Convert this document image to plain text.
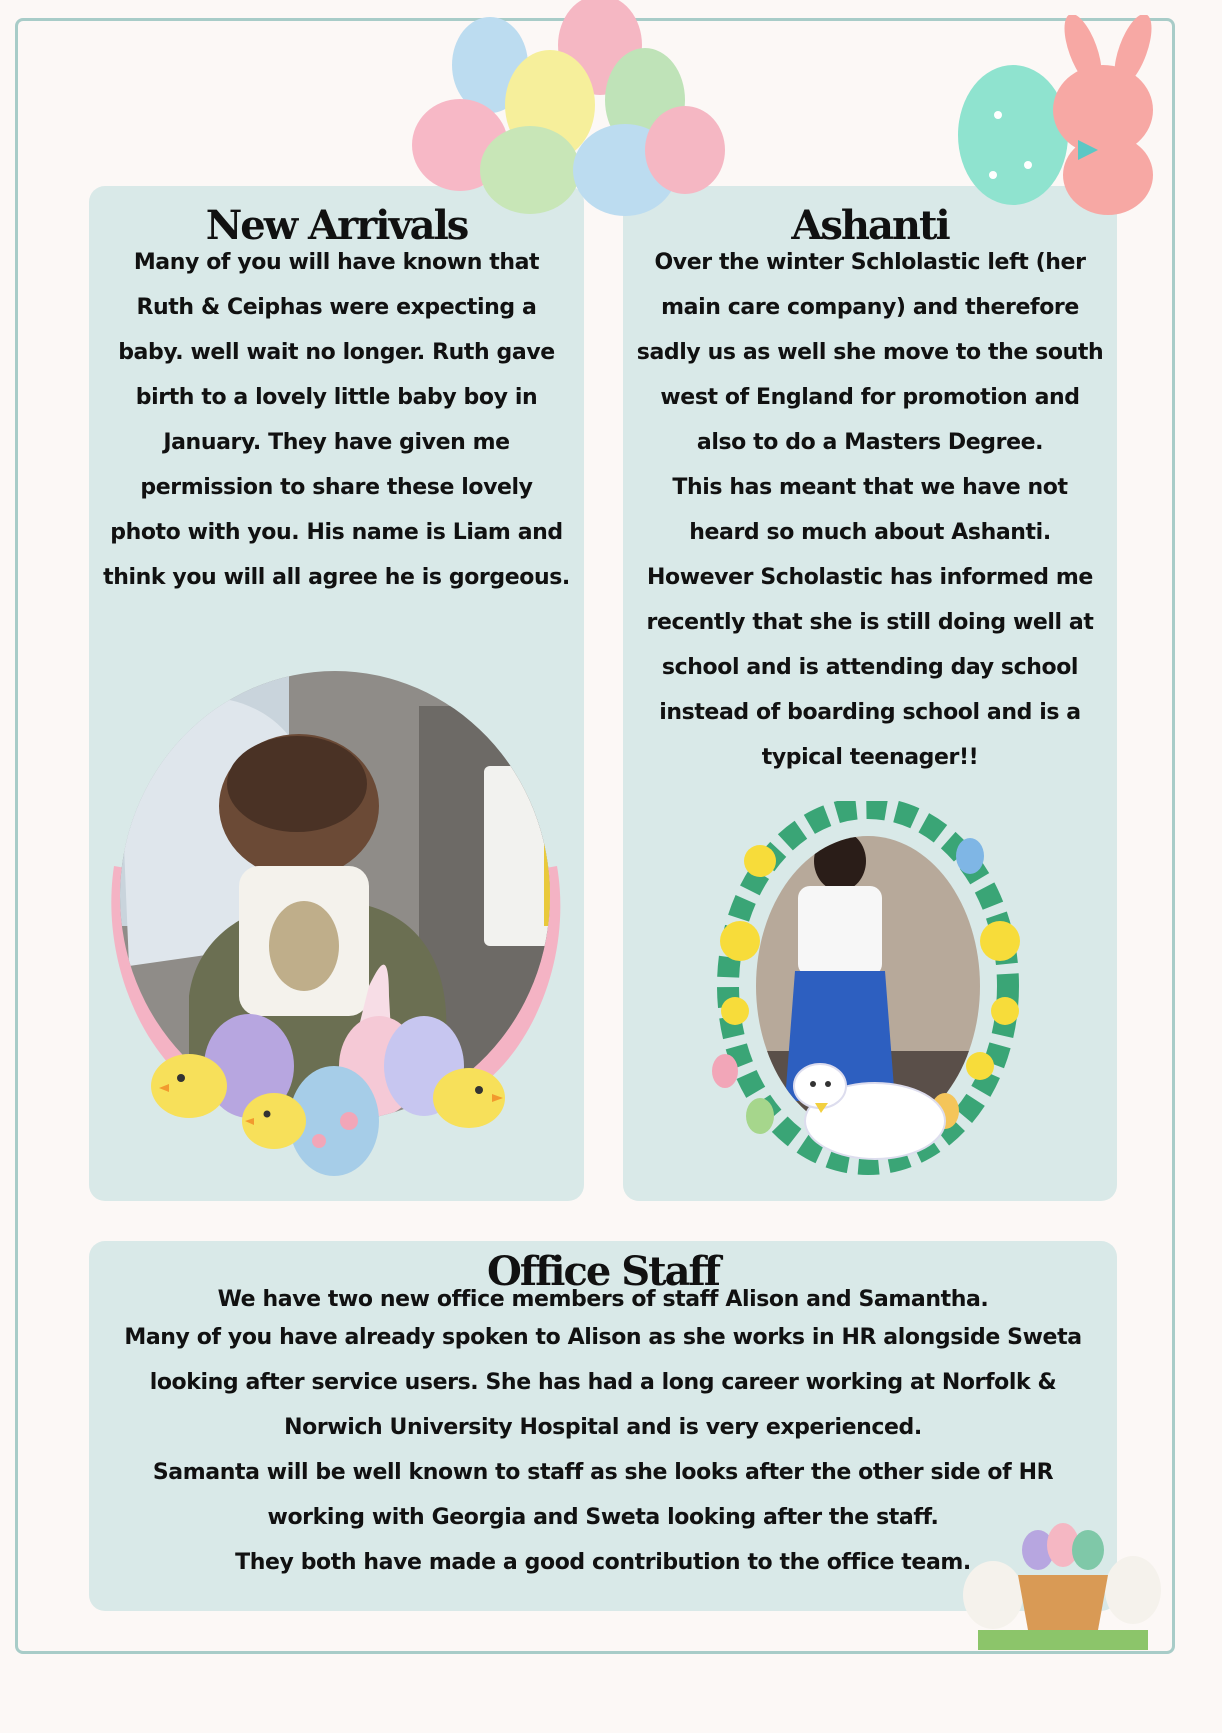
New Arrivals

Many of you will have known that Ruth & Ceiphas were expecting a baby. well wait no longer. Ruth gave birth to a lovely little baby boy in January. They have given me permission to share these lovely photo with you. His name is Liam and think you will all agree he is gorgeous.

Ashanti

Over the winter Schlolastic left (her main care company) and therefore sadly us as well she move to the south west of England for promotion and also to do a Masters Degree.

This has meant that we have not heard so much about Ashanti. However Scholastic has informed me recently that she is still doing well at school and is attending day school instead of boarding school and is a typical teenager!!

Office Staff

We have two new office members of staff Alison and Samantha.

Many of you have already spoken to Alison as she works in HR alongside Sweta looking after service users. She has had a long career working at Norfolk & Norwich University Hospital and is very experienced.

Samanta will be well known to staff as she looks after the other side of HR working with Georgia and Sweta looking after the staff.

They both have made a good contribution to the office team.
